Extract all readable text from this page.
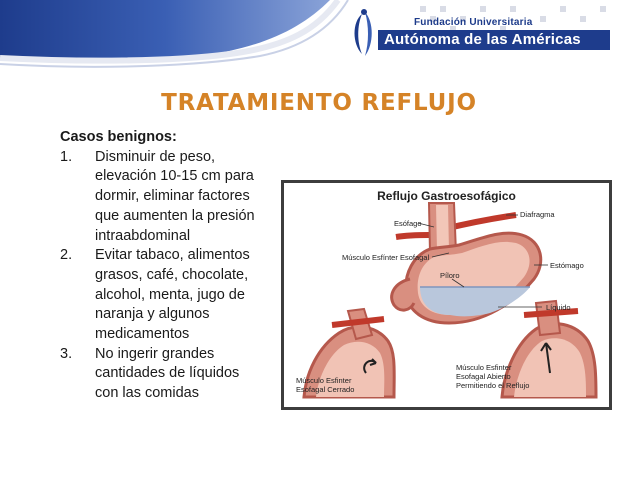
Fundación Universitaria
Autónoma de las Américas
TRATAMIENTO REFLUJO
Casos benignos:
1. Disminuir de peso,
elevación 10-15 cm para
dormir, eliminar factores
que aumenten la presión
intraabdominal
2. Evitar tabaco, alimentos
grasos, café, chocolate,
alcohol, menta, jugo de
naranja y algunos
medicamentos
3. No ingerir grandes
cantidades de líquidos
con las comidas
Reflujo Gastroesofágico
Diafragma
Esófago
Músculo Esfínter Esofagal
Estómago
Píloro
Líquido
Músculo Esfinter
Esofagal Cerrado
Músculo Esfinter
Esofagal Abierto
Permitiendo el Reflujo
